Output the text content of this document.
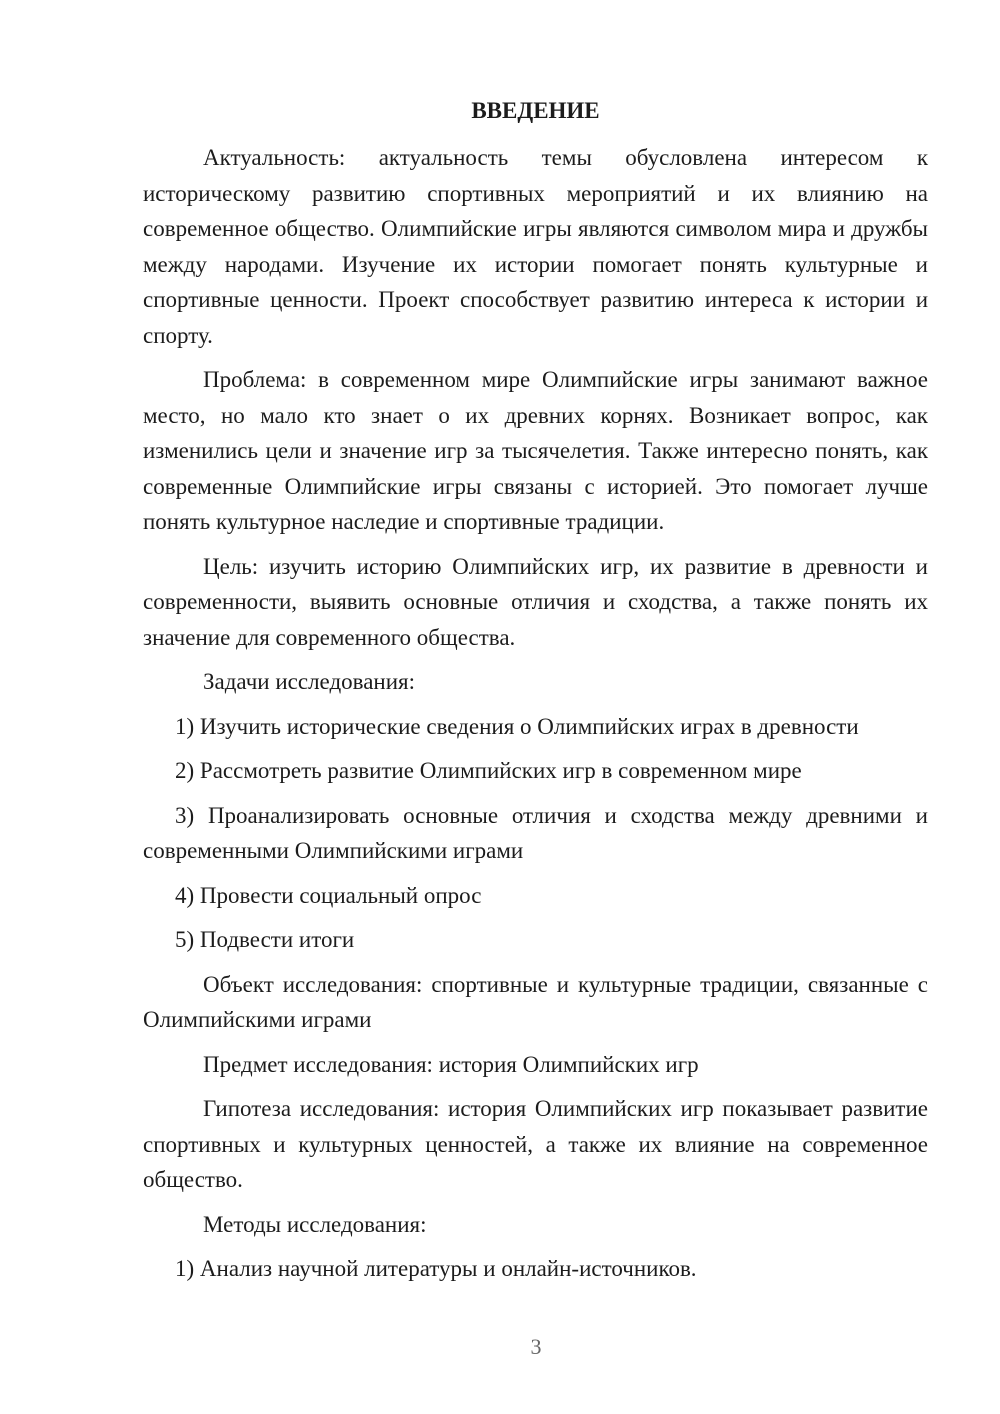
ВВЕДЕНИЕ

Актуальность: актуальность темы обусловлена интересом к историческому развитию спортивных мероприятий и их влиянию на современное общество. Олимпийские игры являются символом мира и дружбы между народами. Изучение их истории помогает понять культурные и спортивные ценности. Проект способствует развитию интереса к истории и спорту.

Проблема: в современном мире Олимпийские игры занимают важное место, но мало кто знает о их древних корнях. Возникает вопрос, как изменились цели и значение игр за тысячелетия. Также интересно понять, как современные Олимпийские игры связаны с историей. Это помогает лучше понять культурное наследие и спортивные традиции.

Цель: изучить историю Олимпийских игр, их развитие в древности и современности, выявить основные отличия и сходства, а также понять их значение для современного общества.

Задачи исследования:

1) Изучить исторические сведения о Олимпийских играх в древности

2) Рассмотреть развитие Олимпийских игр в современном мире

3) Проанализировать основные отличия и сходства между древними и современными Олимпийскими играми

4) Провести социальный опрос

5) Подвести итоги

Объект исследования: спортивные и культурные традиции, связанные с Олимпийскими играми

Предмет исследования: история Олимпийских игр

Гипотеза исследования: история Олимпийских игр показывает развитие спортивных и культурных ценностей, а также их влияние на современное общество.

Методы исследования:

1) Анализ научной литературы и онлайн-источников.

3
